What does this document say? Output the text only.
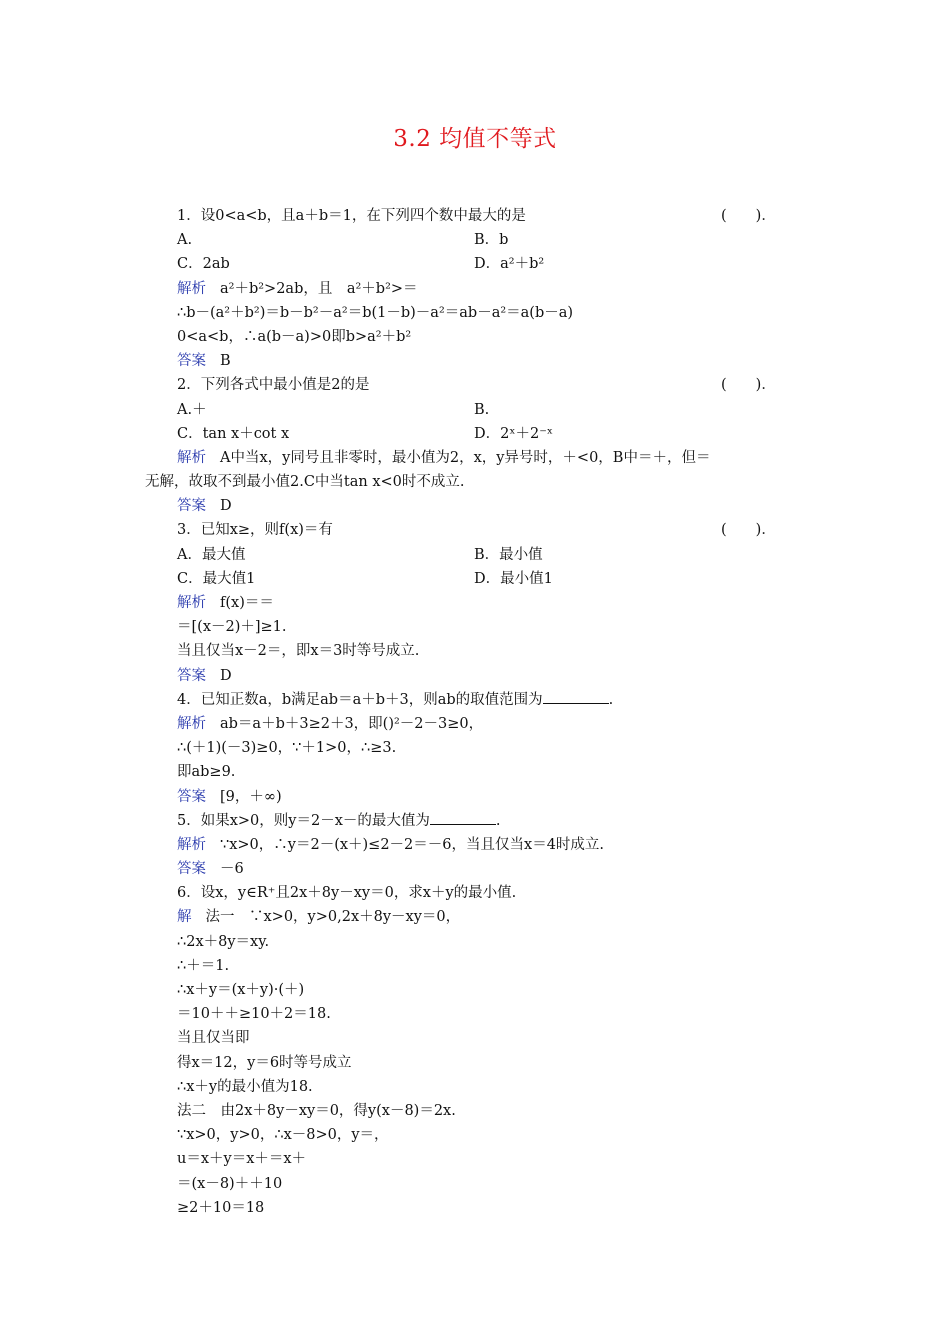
3.2 均值不等式
1．设0<a<b，且a＋b＝1，在下列四个数中最大的是	(　　)．
A.	B．b
C．2ab	D．a²＋b²
解析 a²＋b²>2ab，且　a²＋b²>＝
∴b－(a²＋b²)＝b－b²－a²＝b(1－b)－a²＝ab－a²＝a(b－a)
0<a<b，∴a(b－a)>0即b>a²＋b²
答案 B
2．下列各式中最小值是2的是	(　　)．
A.＋	B.
C．tan x＋cot x	D．2ˣ＋2⁻ˣ
解析 A中当x，y同号且非零时，最小值为2，x，y异号时，＋<0，B中＝＋，但＝
无解，故取不到最小值2.C中当tan x<0时不成立.
答案 D
3．已知x≥，则f(x)＝有	(　　)．
A．最大值	B．最小值
C．最大值1	D．最小值1
解析 f(x)＝＝
＝[(x－2)＋]≥1.
当且仅当x－2＝，即x＝3时等号成立.
答案 D
4．已知正数a，b满足ab＝a＋b＋3，则ab的取值范围为	.
解析 ab＝a＋b＋3≥2＋3，即()²－2－3≥0，
∴(＋1)(－3)≥0，∵＋1>0，∴≥3.
即ab≥9.
答案 [9，＋∞)
5．如果x>0，则y＝2－x－的最大值为	.
解析 ∵x>0，∴y＝2－(x＋)≤2－2＝－6，当且仅当x＝4时成立.
答案 －6
6．设x，y∈R⁺且2x＋8y－xy＝0，求x＋y的最小值.
解 法一　∵x>0，y>0,2x＋8y－xy＝0，
∴2x＋8y＝xy.
∴＋＝1.
∴x＋y＝(x＋y)·(＋)
＝10＋＋≥10＋2＝18.
当且仅当即
得x＝12，y＝6时等号成立
∴x＋y的最小值为18.
法二　由2x＋8y－xy＝0，得y(x－8)＝2x.
∵x>0，y>0，∴x－8>0，y＝，
u＝x＋y＝x＋＝x＋
＝(x－8)＋＋10
≥2＋10＝18
